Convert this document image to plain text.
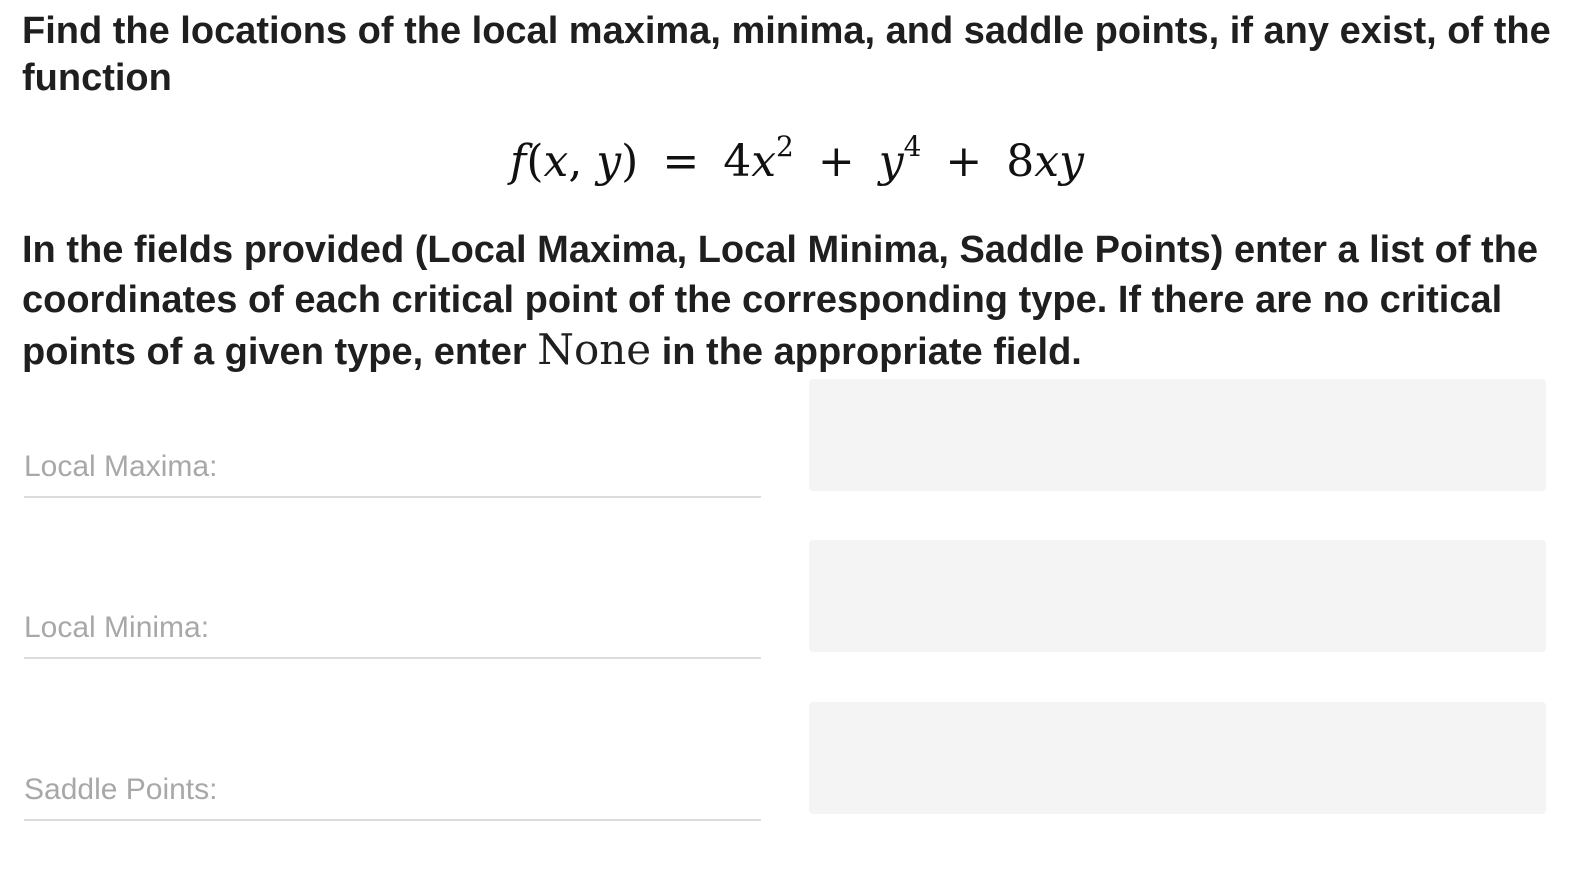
Find the locations of the local maxima, minima, and saddle points, if any exist, of the function

f(x, $y) = 4x^2 + y^4 + 8xy$

In the fields provided (Local Maxima, Local Minima, Saddle Points) enter a list of the coordinates of each critical point of the corresponding type. If there are no critical points of a given type, enter None in the appropriate field.

Local Maxima:
Local Minima:
Saddle Points:
